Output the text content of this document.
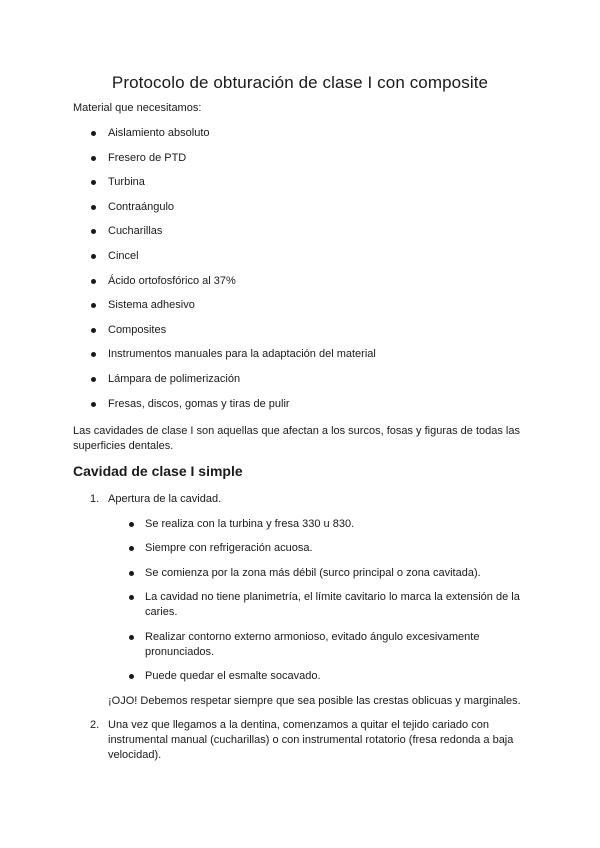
Protocolo de obturación de clase I con composite

Material que necesitamos:

Aislamiento absoluto
Fresero de PTD
Turbina
Contraángulo
Cucharillas
Cincel
Ácido ortofosfórico al 37%
Sistema adhesivo
Composites
Instrumentos manuales para la adaptación del material
Lámpara de polimerización
Fresas, discos, gomas y tiras de pulir

Las cavidades de clase I son aquellas que afectan a los surcos, fosas y figuras de todas las superficies dentales.

Cavidad de clase I simple
1. Apertura de la cavidad.
Se realiza con la turbina y fresa 330 u 830.
Siempre con refrigeración acuosa.
Se comienza por la zona más débil (surco principal o zona cavitada).
La cavidad no tiene planimetría, el límite cavitario lo marca la extensión de la caries.
Realizar contorno externo armonioso, evitado ángulo excesivamente pronunciados.
Puede quedar el esmalte socavado.

¡OJO! Debemos respetar siempre que sea posible las crestas oblicuas y marginales.

2. Una vez que llegamos a la dentina, comenzamos a quitar el tejido cariado con instrumental manual (cucharillas) o con instrumental rotatorio (fresa redonda a baja velocidad).
